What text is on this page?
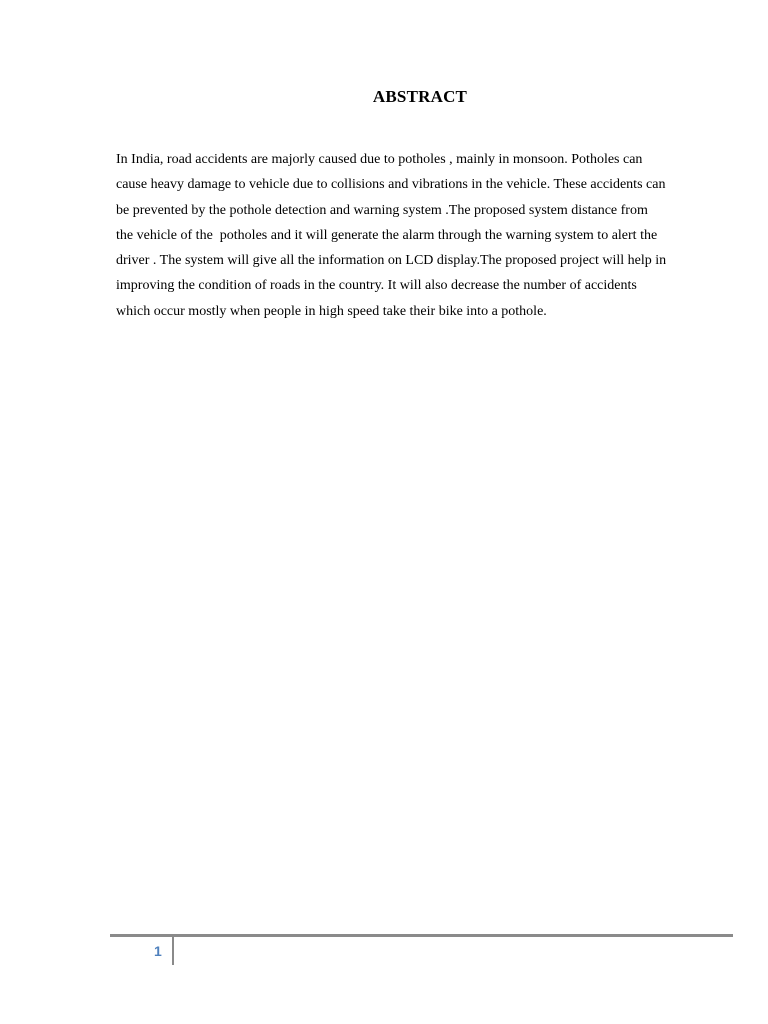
ABSTRACT

In India, road accidents are majorly caused due to potholes , mainly in monsoon. Potholes can
cause heavy damage to vehicle due to collisions and vibrations in the vehicle. These accidents can
be prevented by the pothole detection and warning system .The proposed system distance from
the vehicle of the  potholes and it will generate the alarm through the warning system to alert the
driver . The system will give all the information on LCD display.The proposed project will help in
improving the condition of roads in the country. It will also decrease the number of accidents
which occur mostly when people in high speed take their bike into a pothole.

1
